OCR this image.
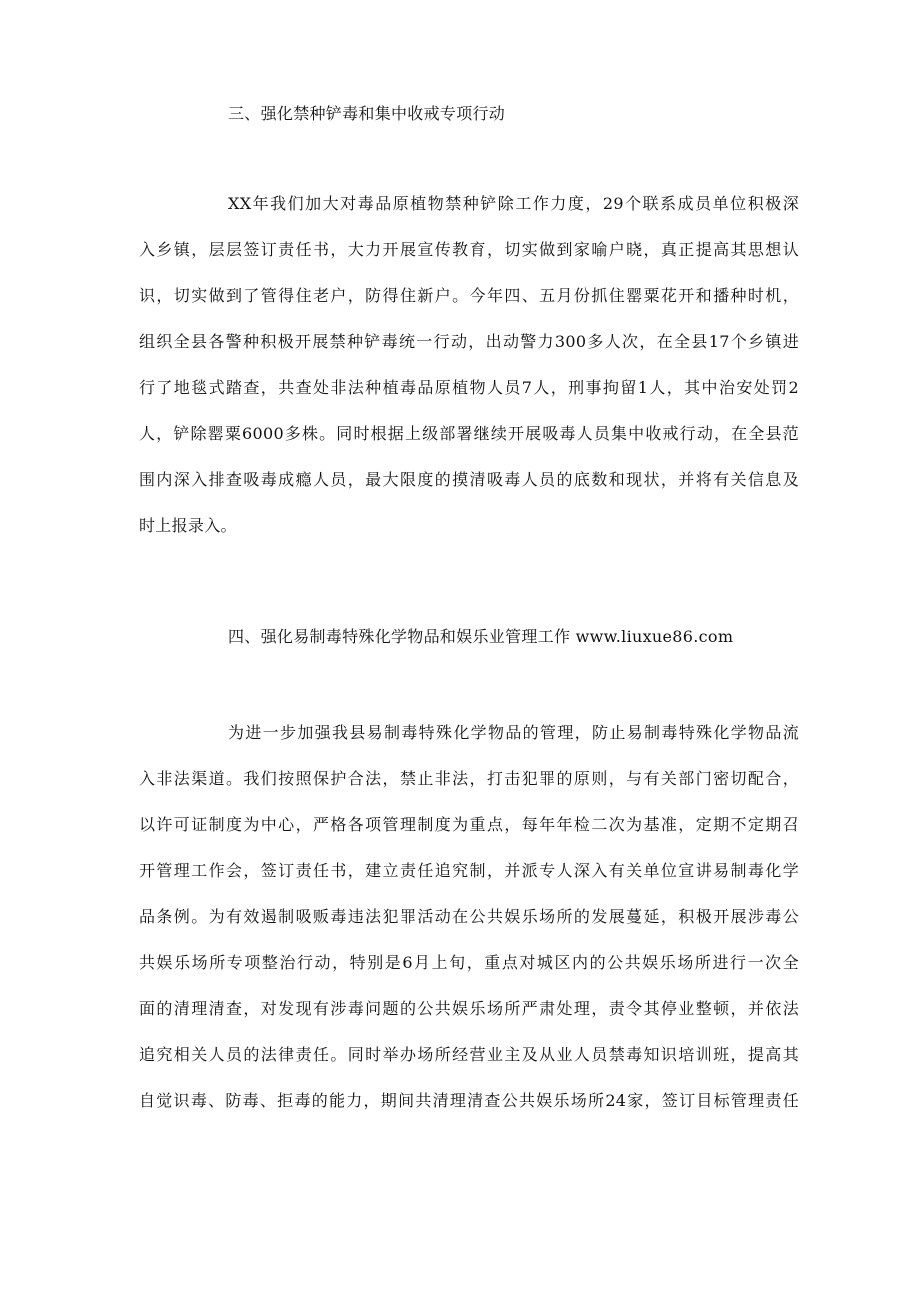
三、强化禁种铲毒和集中收戒专项行动
XX年我们加大对毒品原植物禁种铲除工作力度，29个联系成员单位积极深
入乡镇，层层签订责任书，大力开展宣传教育，切实做到家喻户晓，真正提高其思想认
识，切实做到了管得住老户，防得住新户。今年四、五月份抓住罂粟花开和播种时机，
组织全县各警种积极开展禁种铲毒统一行动，出动警力300多人次，在全县17个乡镇进
行了地毯式踏查，共查处非法种植毒品原植物人员7人，刑事拘留1人，其中治安处罚2
人，铲除罂粟6000多株。同时根据上级部署继续开展吸毒人员集中收戒行动，在全县范
围内深入排查吸毒成瘾人员，最大限度的摸清吸毒人员的底数和现状，并将有关信息及
时上报录入。
四、强化易制毒特殊化学物品和娱乐业管理工作 www.liuxue86.com
为进一步加强我县易制毒特殊化学物品的管理，防止易制毒特殊化学物品流
入非法渠道。我们按照保护合法，禁止非法，打击犯罪的原则，与有关部门密切配合，
以许可证制度为中心，严格各项管理制度为重点，每年年检二次为基准，定期不定期召
开管理工作会，签订责任书，建立责任追究制，并派专人深入有关单位宣讲易制毒化学
品条例。为有效遏制吸贩毒违法犯罪活动在公共娱乐场所的发展蔓延，积极开展涉毒公
共娱乐场所专项整治行动，特别是6月上旬，重点对城区内的公共娱乐场所进行一次全
面的清理清查，对发现有涉毒问题的公共娱乐场所严肃处理，责令其停业整顿，并依法
追究相关人员的法律责任。同时举办场所经营业主及从业人员禁毒知识培训班，提高其
自觉识毒、防毒、拒毒的能力，期间共清理清查公共娱乐场所24家，签订目标管理责任
